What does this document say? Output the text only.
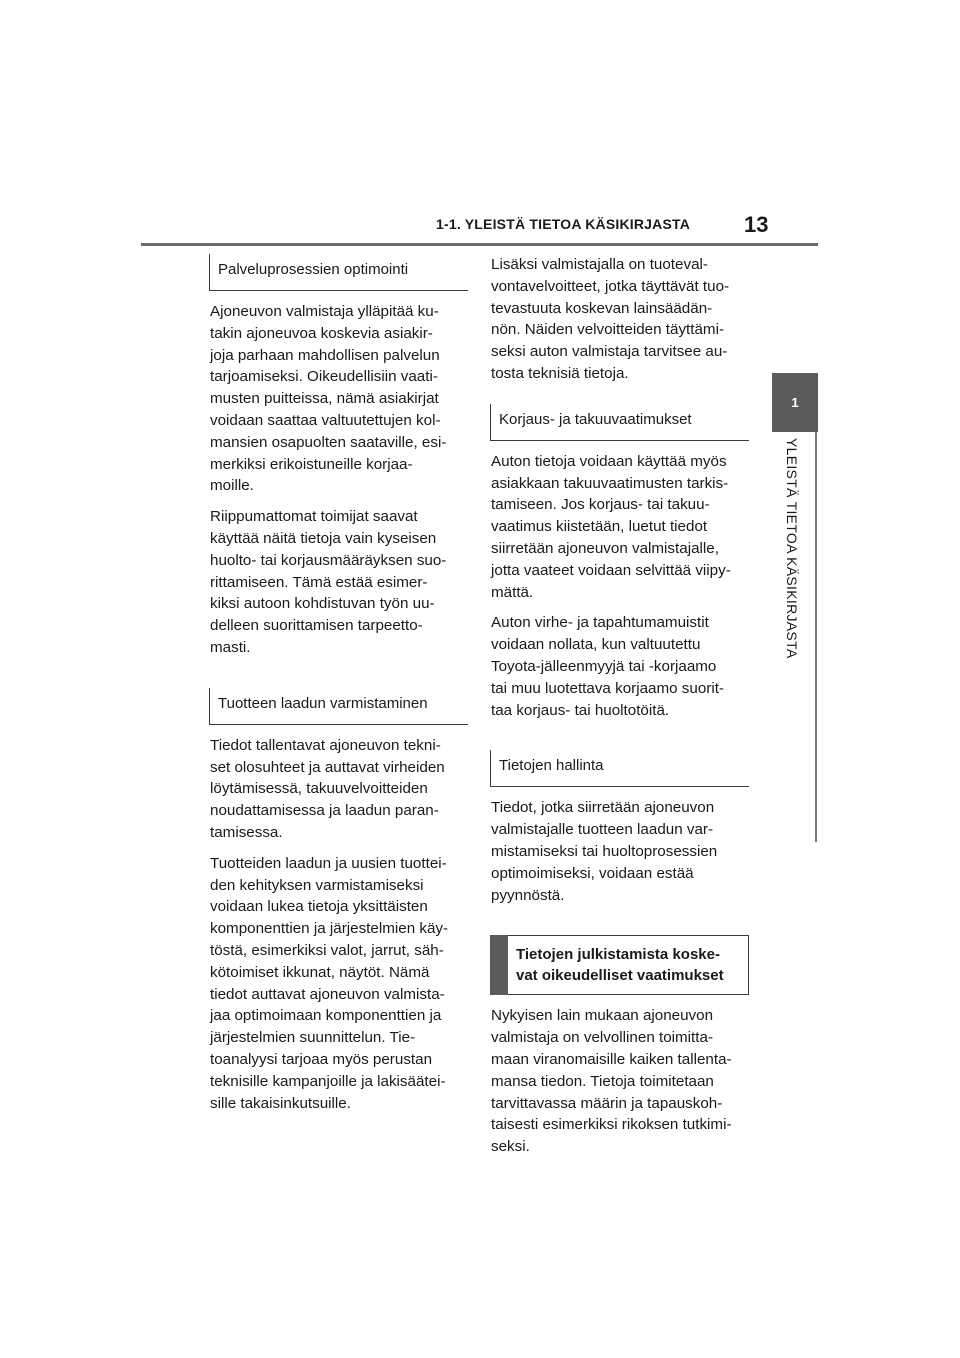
1-1. YLEISTÄ TIETOA KÄSIKIRJASTA 13
1
YLEISTÄ TIETOA KÄSIKIRJASTA
Palveluprosessien optimointi

Ajoneuvon valmistaja ylläpitää ku-
takin ajoneuvoa koskevia asiakir-
joja parhaan mahdollisen palvelun
tarjoamiseksi. Oikeudellisiin vaati-
musten puitteissa, nämä asiakirjat
voidaan saattaa valtuutettujen kol-
mansien osapuolten saataville, esi-
merkiksi erikoistuneille korjaa-
moille.

Riippumattomat toimijat saavat
käyttää näitä tietoja vain kyseisen
huolto- tai korjausmääräyksen suo-
rittamiseen. Tämä estää esimer-
kiksi autoon kohdistuvan työn uu-
delleen suorittamisen tarpeetto-
masti.

Tuotteen laadun varmistaminen

Tiedot tallentavat ajoneuvon tekni-
set olosuhteet ja auttavat virheiden
löytämisessä, takuuvelvoitteiden
noudattamisessa ja laadun paran-
tamisessa.

Tuotteiden laadun ja uusien tuottei-
den kehityksen varmistamiseksi
voidaan lukea tietoja yksittäisten
komponenttien ja järjestelmien käy-
töstä, esimerkiksi valot, jarrut, säh-
kötoimiset ikkunat, näytöt. Nämä
tiedot auttavat ajoneuvon valmista-
jaa optimoimaan komponenttien ja
järjestelmien suunnittelun. Tie-
toanalyysi tarjoaa myös perustan
teknisille kampanjoille ja lakisäätei-
sille takaisinkutsuille.

Lisäksi valmistajalla on tuoteval-
vontavelvoitteet, jotka täyttävät tuo-
tevastuuta koskevan lainsäädän-
nön. Näiden velvoitteiden täyttämi-
seksi auton valmistaja tarvitsee au-
tosta teknisiä tietoja.

Korjaus- ja takuuvaatimukset

Auton tietoja voidaan käyttää myös
asiakkaan takuuvaatimusten tarkis-
tamiseen. Jos korjaus- tai takuu-
vaatimus kiistetään, luetut tiedot
siirretään ajoneuvon valmistajalle,
jotta vaateet voidaan selvittää viipy-
mättä.

Auton virhe- ja tapahtumamuistit
voidaan nollata, kun valtuutettu
Toyota-jälleenmyyjä tai -korjaamo
tai muu luotettava korjaamo suorit-
taa korjaus- tai huoltotöitä.

Tietojen hallinta

Tiedot, jotka siirretään ajoneuvon
valmistajalle tuotteen laadun var-
mistamiseksi tai huoltoprosessien
optimoimiseksi, voidaan estää
pyynnöstä.

Tietojen julkistamista koske-
vat oikeudelliset vaatimukset

Nykyisen lain mukaan ajoneuvon
valmistaja on velvollinen toimitta-
maan viranomaisille kaiken tallenta-
mansa tiedon. Tietoja toimitetaan
tarvittavassa määrin ja tapauskoh-
taisesti esimerkiksi rikoksen tutkimi-
seksi.
